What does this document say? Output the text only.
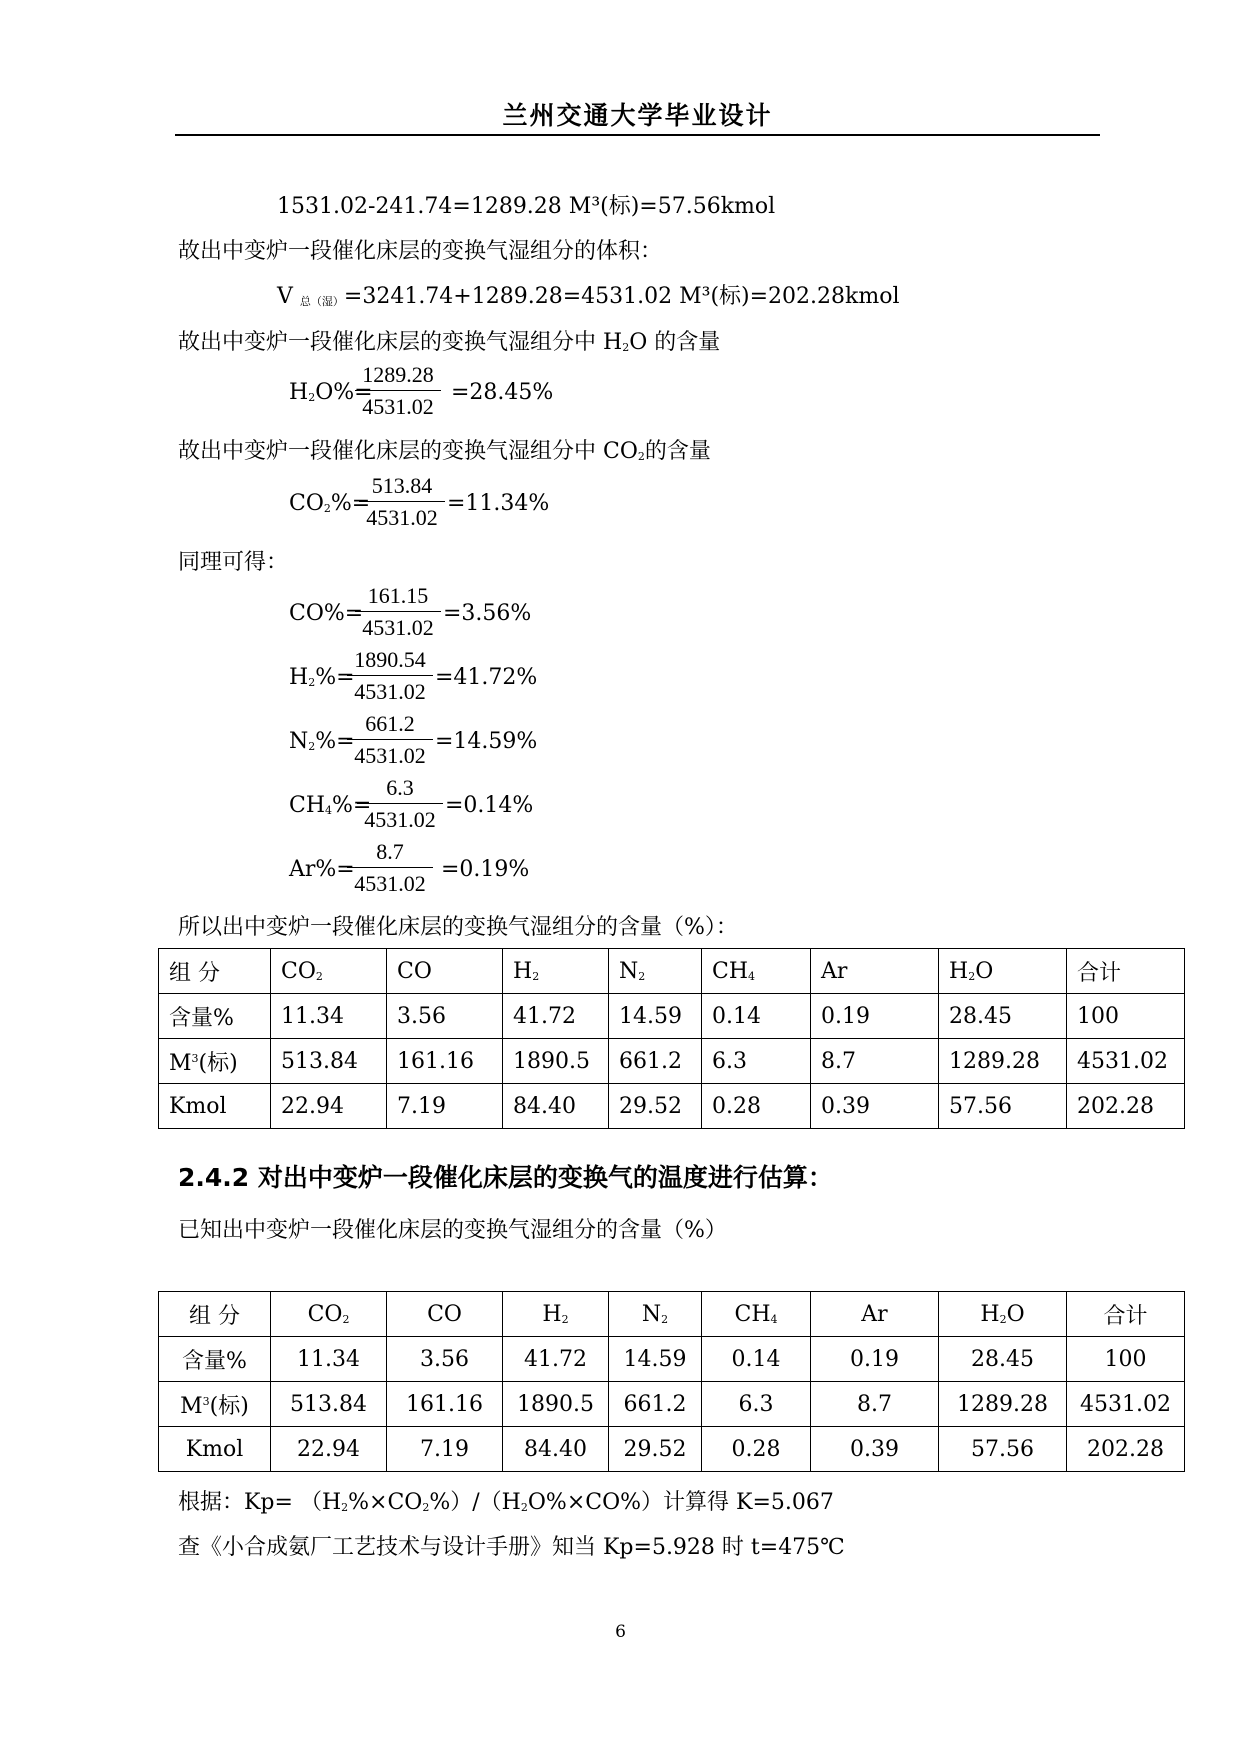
兰州交通大学毕业设计
1531.02-241.74=1289.28 M³(标)=57.56kmol
故出中变炉一段催化床层的变换气湿组分的体积：
V 总（湿）=3241.74+1289.28=4531.02 M³(标)=202.28kmol
故出中变炉一段催化床层的变换气湿组分中 H2O 的含量
H2O%=
1289.28
4531.02
=28.45%
故出中变炉一段催化床层的变换气湿组分中 CO2的含量
CO2%=
513.84
4531.02
=11.34%
同理可得：
CO%=
161.15
4531.02
=3.56%
H2%=
1890.54
4531.02
=41.72%
N2%=
661.2
4531.02
=14.59%
CH4%=
6.3
4531.02
=0.14%
Ar%=
8.7
4531.02
=0.19%
所以出中变炉一段催化床层的变换气湿组分的含量（%）：
组 分	CO2	CO	H2	N2	CH4	Ar	H2O	合计
含量%	11.34	3.56	41.72	14.59	0.14	0.19	28.45	100
$M^3$(标)	513.84	161.16	1890.5	661.2	6.3	8.7	1289.28	4531.02
Kmol	22.94	7.19	84.40	29.52	0.28	0.39	57.56	202.28
2.4.2 对出中变炉一段催化床层的变换气的温度进行估算：
已知出中变炉一段催化床层的变换气湿组分的含量（%）
组 分	CO2	CO	H2	N2	CH4	Ar	H2O	合计
含量%	11.34	3.56	41.72	14.59	0.14	0.19	28.45	100
$M^3$(标)	513.84	161.16	1890.5	661.2	6.3	8.7	1289.28	4531.02
Kmol	22.94	7.19	84.40	29.52	0.28	0.39	57.56	202.28
根据：Kp= （H2%×CO2%）/（H2O%×CO%）计算得 K=5.067
查《小合成氨厂工艺技术与设计手册》知当 Kp=5.928 时 t=475℃
6
